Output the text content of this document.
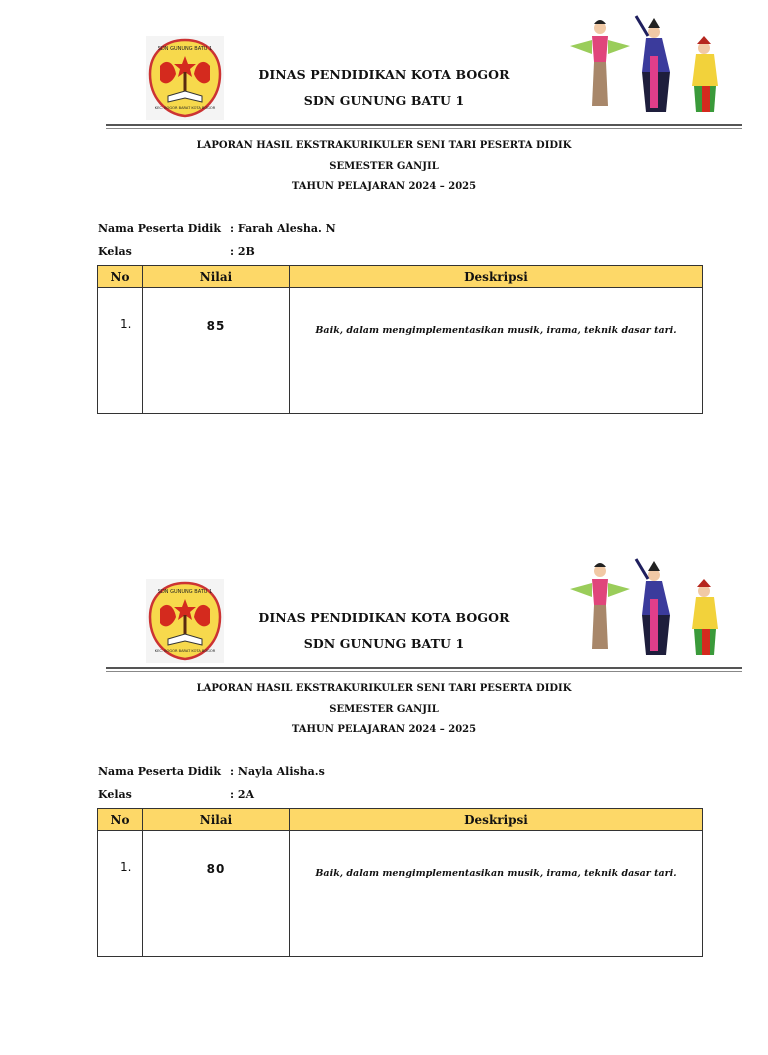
SDN GUNUNG BATU 1
KEC. BOGOR BARAT KOTA BOGOR
DINAS PENDIDIKAN KOTA BOGOR
SDN GUNUNG BATU 1
LAPORAN HASIL EKSTRAKURIKULER SENI TARI PESERTA DIDIK
SEMESTER GANJIL
TAHUN PELAJARAN 2024 – 2025
Nama Peserta Didik : Farah Alesha. N
Kelas	: 2B
No	Nilai	Deskripsi
1.	85	Baik, dalam mengimplementasikan musik, irama, teknik dasar tari.
SDN GUNUNG BATU 1
KEC. BOGOR BARAT KOTA BOGOR
DINAS PENDIDIKAN KOTA BOGOR
SDN GUNUNG BATU 1
LAPORAN HASIL EKSTRAKURIKULER SENI TARI PESERTA DIDIK
SEMESTER GANJIL
TAHUN PELAJARAN 2024 – 2025
Nama Peserta Didik : Nayla Alisha.s
Kelas	: 2A
No	Nilai	Deskripsi
1.	80	Baik, dalam mengimplementasikan musik, irama, teknik dasar tari.
